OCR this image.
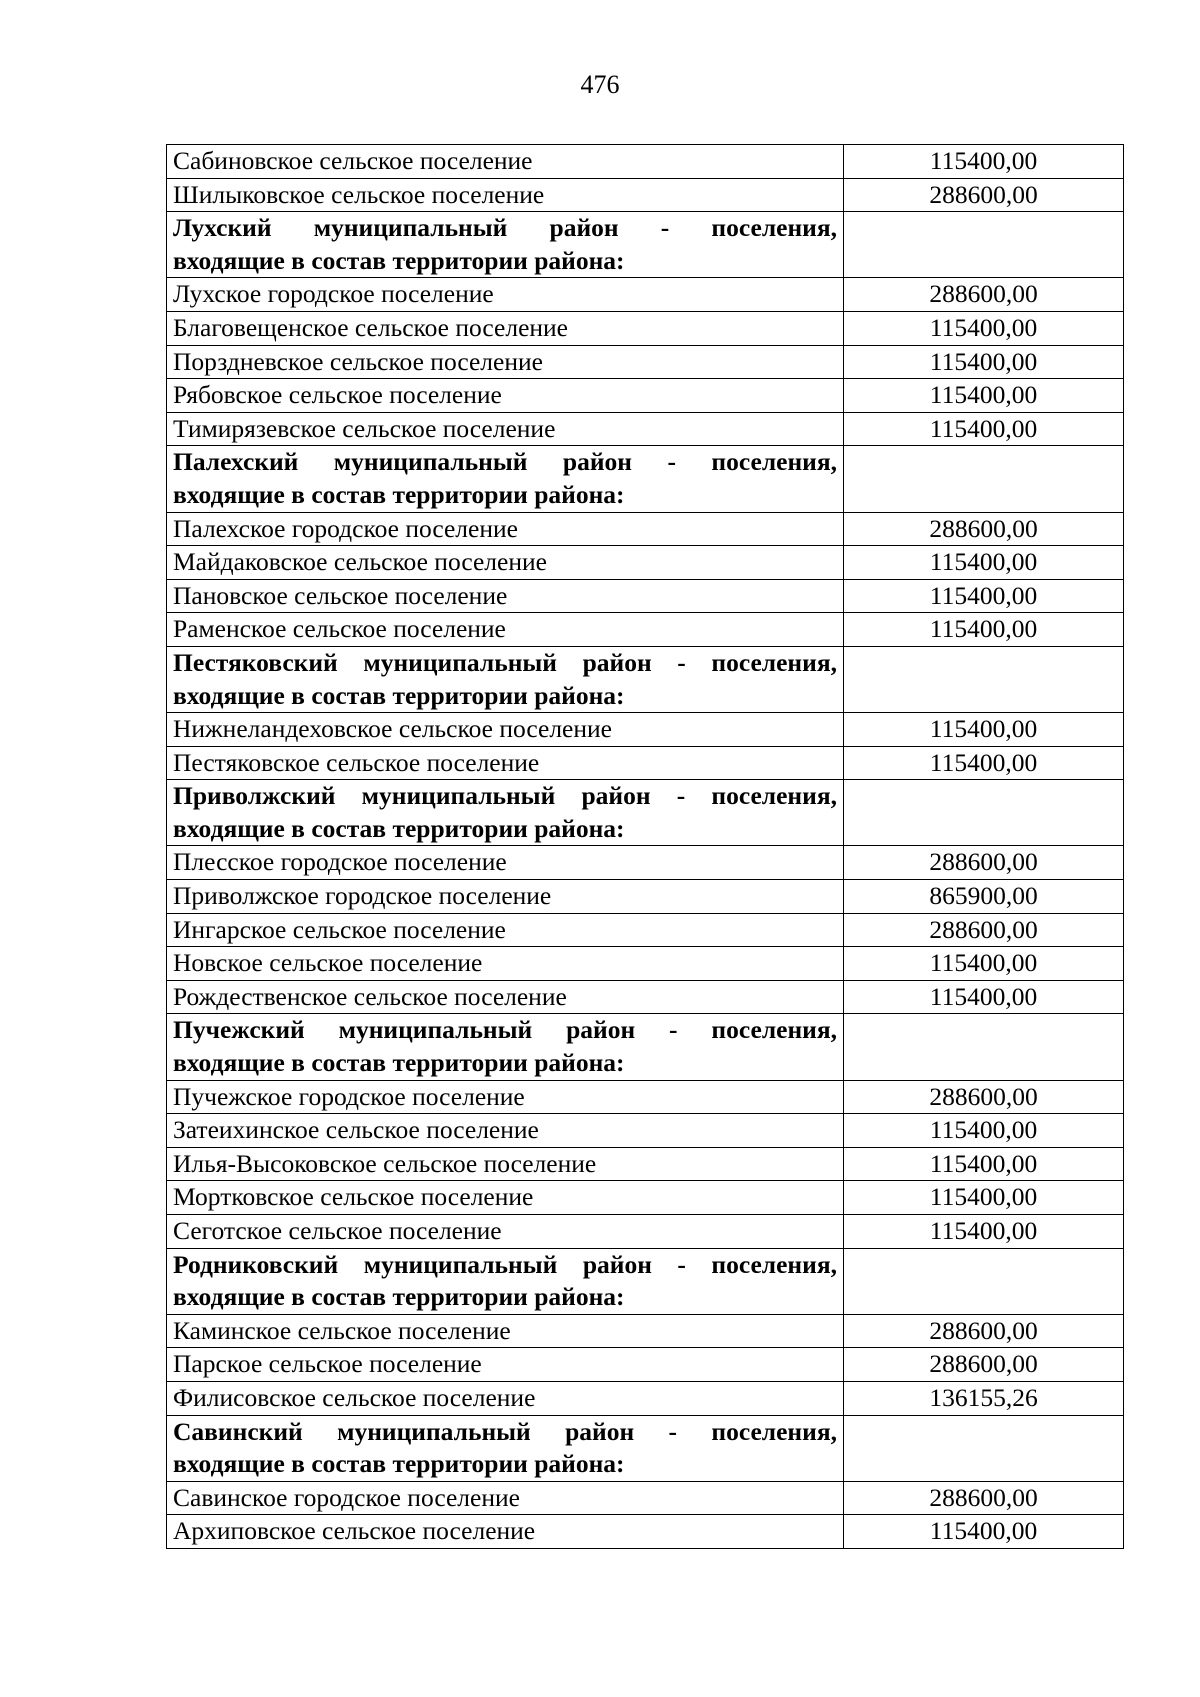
476
Сабиновское сельское поселение	115400,00
Шилыковское сельское поселение	288600,00

Лухский муниципальный район - поселения,
входящие в состав территории района:	

Лухское городское поселение	288600,00
Благовещенское сельское поселение	115400,00
Порздневское сельское поселение	115400,00
Рябовское сельское поселение	115400,00
Тимирязевское сельское поселение	115400,00

Палехский муниципальный район - поселения,
входящие в состав территории района:	

Палехское городское поселение	288600,00
Майдаковское сельское поселение	115400,00
Пановское сельское поселение	115400,00
Раменское сельское поселение	115400,00

Пестяковский муниципальный район - поселения,
входящие в состав территории района:	

Нижнеландеховское сельское поселение	115400,00
Пестяковское сельское поселение	115400,00

Приволжский муниципальный район - поселения,
входящие в состав территории района:	

Плесское городское поселение	288600,00
Приволжское городское поселение	865900,00
Ингарское сельское поселение	288600,00
Новское сельское поселение	115400,00
Рождественское сельское поселение	115400,00

Пучежский муниципальный район - поселения,
входящие в состав территории района:	

Пучежское городское поселение	288600,00
Затеихинское сельское поселение	115400,00
Илья-Высоковское сельское поселение	115400,00
Мортковское сельское поселение	115400,00
Сеготское сельское поселение	115400,00

Родниковский муниципальный район - поселения,
входящие в состав территории района:	

Каминское сельское поселение	288600,00
Парское сельское поселение	288600,00
Филисовское сельское поселение	136155,26

Савинский муниципальный район - поселения,
входящие в состав территории района:	

Савинское городское поселение	288600,00
Архиповское сельское поселение	115400,00
